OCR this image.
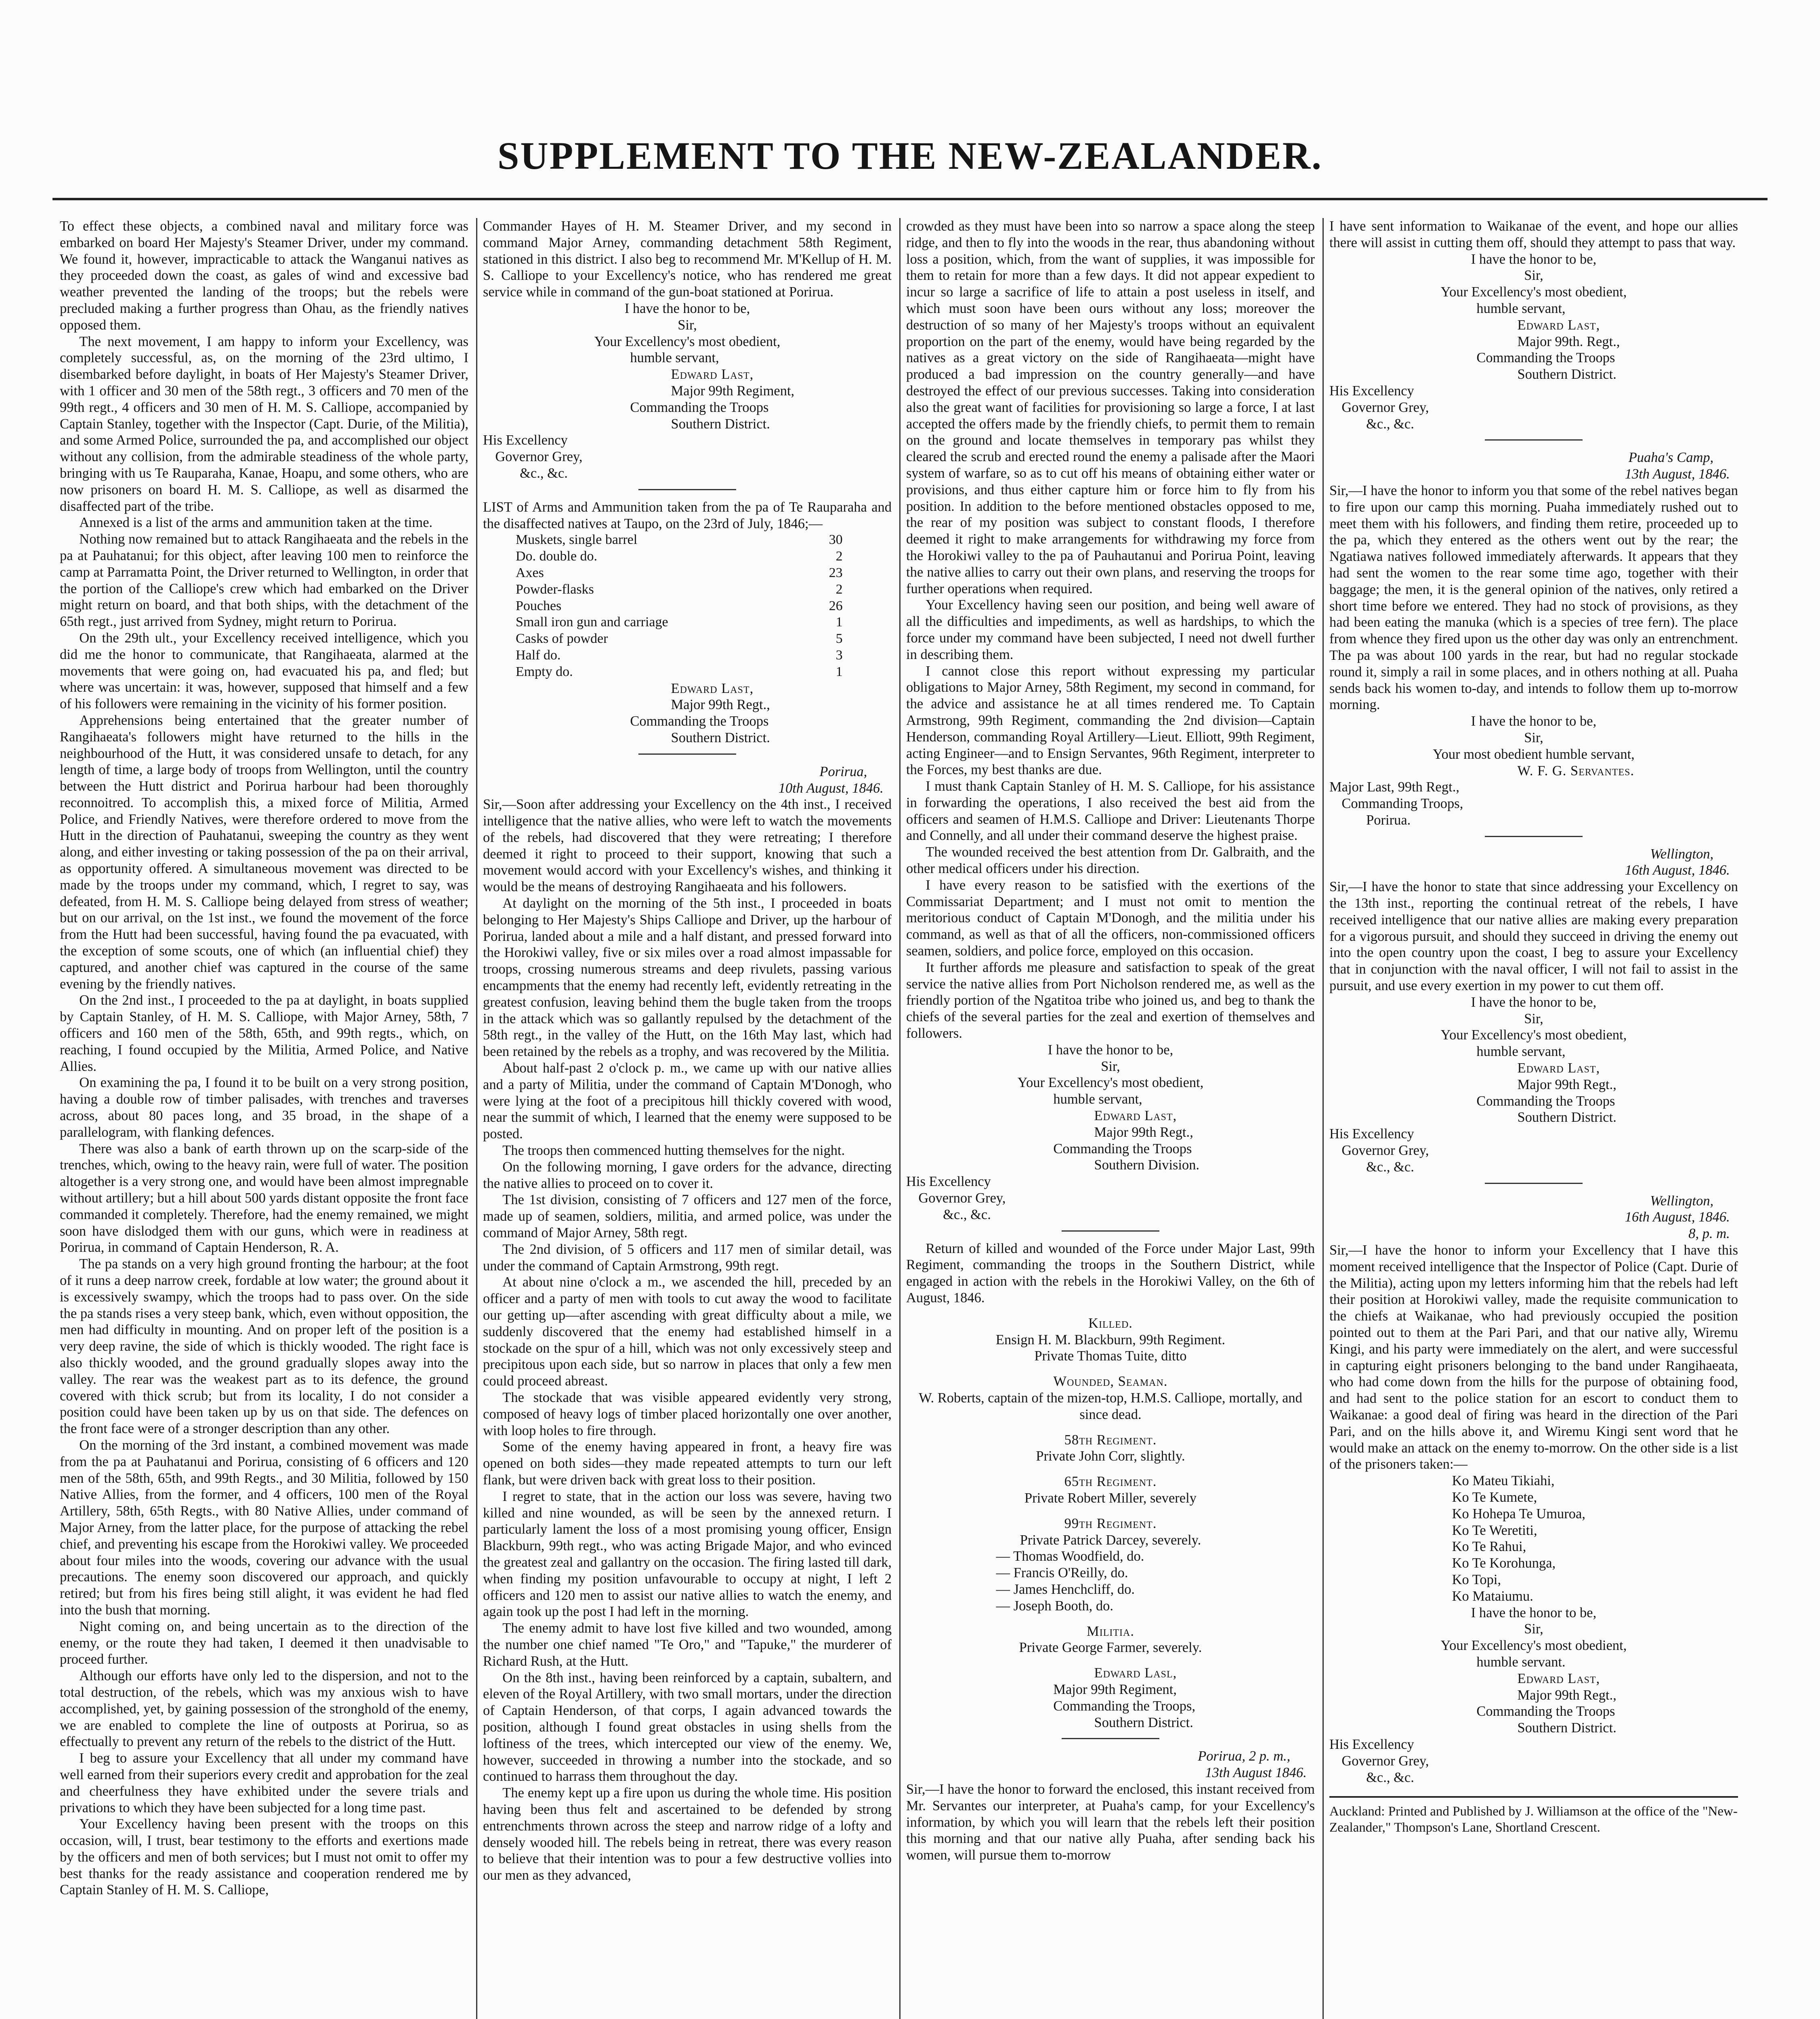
SUPPLEMENT TO THE NEW-ZEALANDER.

To effect these objects, a combined naval and military force was embarked on board Her Majesty's Steamer Driver, under my command. We found it, however, impracticable to attack the Wanganui natives as they proceeded down the coast, as gales of wind and excessive bad weather prevented the landing of the troops; but the rebels were precluded making a further progress than Ohau, as the friendly natives opposed them.

The next movement, I am happy to inform your Excellency, was completely successful, as, on the morning of the 23rd ultimo, I disembarked before daylight, in boats of Her Majesty's Steamer Driver, with 1 officer and 30 men of the 58th regt., 3 officers and 70 men of the 99th regt., 4 officers and 30 men of H. M. S. Calliope, accompanied by Captain Stanley, together with the Inspector (Capt. Durie, of the Militia), and some Armed Police, surrounded the pa, and accomplished our object without any collision, from the admirable steadiness of the whole party, bringing with us Te Rauparaha, Kanae, Hoapu, and some others, who are now prisoners on board H. M. S. Calliope, as well as disarmed the disaffected part of the tribe.

Annexed is a list of the arms and ammunition taken at the time.

Nothing now remained but to attack Rangihaeata and the rebels in the pa at Pauhatanui; for this object, after leaving 100 men to reinforce the camp at Parramatta Point, the Driver returned to Wellington, in order that the portion of the Calliope's crew which had embarked on the Driver might return on board, and that both ships, with the detachment of the 65th regt., just arrived from Sydney, might return to Porirua.

On the 29th ult., your Excellency received intelligence, which you did me the honor to communicate, that Rangihaeata, alarmed at the movements that were going on, had evacuated his pa, and fled; but where was uncertain: it was, however, supposed that himself and a few of his followers were remaining in the vicinity of his former position.

Apprehensions being entertained that the greater number of Rangihaeata's followers might have returned to the hills in the neighbourhood of the Hutt, it was considered unsafe to detach, for any length of time, a large body of troops from Wellington, until the country between the Hutt district and Porirua harbour had been thoroughly reconnoitred. To accomplish this, a mixed force of Militia, Armed Police, and Friendly Natives, were therefore ordered to move from the Hutt in the direction of Pauhatanui, sweeping the country as they went along, and either investing or taking possession of the pa on their arrival, as opportunity offered. A simultaneous movement was directed to be made by the troops under my command, which, I regret to say, was defeated, from H. M. S. Calliope being delayed from stress of weather; but on our arrival, on the 1st inst., we found the movement of the force from the Hutt had been successful, having found the pa evacuated, with the exception of some scouts, one of which (an influential chief) they captured, and another chief was captured in the course of the same evening by the friendly natives.

On the 2nd inst., I proceeded to the pa at daylight, in boats supplied by Captain Stanley, of H. M. S. Calliope, with Major Arney, 58th, 7 officers and 160 men of the 58th, 65th, and 99th regts., which, on reaching, I found occupied by the Militia, Armed Police, and Native Allies.

On examining the pa, I found it to be built on a very strong position, having a double row of timber palisades, with trenches and traverses across, about 80 paces long, and 35 broad, in the shape of a parallelogram, with flanking defences.

There was also a bank of earth thrown up on the scarp-side of the trenches, which, owing to the heavy rain, were full of water. The position altogether is a very strong one, and would have been almost impregnable without artillery; but a hill about 500 yards distant opposite the front face commanded it completely. Therefore, had the enemy remained, we might soon have dislodged them with our guns, which were in readiness at Porirua, in command of Captain Henderson, R. A.

The pa stands on a very high ground fronting the harbour; at the foot of it runs a deep narrow creek, fordable at low water; the ground about it is excessively swampy, which the troops had to pass over. On the side the pa stands rises a very steep bank, which, even without opposition, the men had difficulty in mounting. And on proper left of the position is a very deep ravine, the side of which is thickly wooded. The right face is also thickly wooded, and the ground gradually slopes away into the valley. The rear was the weakest part as to its defence, the ground covered with thick scrub; but from its locality, I do not consider a position could have been taken up by us on that side. The defences on the front face were of a stronger description than any other.

On the morning of the 3rd instant, a combined movement was made from the pa at Pauhatanui and Porirua, consisting of 6 officers and 120 men of the 58th, 65th, and 99th Regts., and 30 Militia, followed by 150 Native Allies, from the former, and 4 officers, 100 men of the Royal Artillery, 58th, 65th Regts., with 80 Native Allies, under command of Major Arney, from the latter place, for the purpose of attacking the rebel chief, and preventing his escape from the Horokiwi valley. We proceeded about four miles into the woods, covering our advance with the usual precautions. The enemy soon discovered our approach, and quickly retired; but from his fires being still alight, it was evident he had fled into the bush that morning.

Night coming on, and being uncertain as to the direction of the enemy, or the route they had taken, I deemed it then unadvisable to proceed further.

Although our efforts have only led to the dispersion, and not to the total destruction, of the rebels, which was my anxious wish to have accomplished, yet, by gaining possession of the stronghold of the enemy, we are enabled to complete the line of outposts at Porirua, so as effectually to prevent any return of the rebels to the district of the Hutt.

I beg to assure your Excellency that all under my command have well earned from their superiors every credit and approbation for the zeal and cheerfulness they have exhibited under the severe trials and privations to which they have been subjected for a long time past.

Your Excellency having been present with the troops on this occasion, will, I trust, bear testimony to the efforts and exertions made by the officers and men of both services; but I must not omit to offer my best thanks for the ready assistance and cooperation rendered me by Captain Stanley of H. M. S. Calliope,

Commander Hayes of H. M. Steamer Driver, and my second in command Major Arney, commanding detachment 58th Regiment, stationed in this district. I also beg to recommend Mr. M'Kellup of H. M. S. Calliope to your Excellency's notice, who has rendered me great service while in command of the gun-boat stationed at Porirua.

I have the honor to be,
Sir,
Your Excellency's most obedient,
humble servant,
Edward Last,
Major 99th Regiment,
Commanding the Troops
Southern District.
His Excellency
Governor Grey,
&c., &c.

LIST of Arms and Ammunition taken from the pa of Te Rauparaha and the disaffected natives at Taupo, on the 23rd of July, 1846;—

Muskets, single barrel	30
Do. double do.	2
Axes	23
Powder-flasks	2
Pouches	26
Small iron gun and carriage	1
Casks of powder	5
Half do.	3
Empty do.	1
Edward Last,
Major 99th Regt.,
Commanding the Troops
Southern District.
Porirua,
10th August, 1846.

Sir,—Soon after addressing your Excellency on the 4th inst., I received intelligence that the native allies, who were left to watch the movements of the rebels, had discovered that they were retreating; I therefore deemed it right to proceed to their support, knowing that such a movement would accord with your Excellency's wishes, and thinking it would be the means of destroying Rangihaeata and his followers.

At daylight on the morning of the 5th inst., I proceeded in boats belonging to Her Majesty's Ships Calliope and Driver, up the harbour of Porirua, landed about a mile and a half distant, and pressed forward into the Horokiwi valley, five or six miles over a road almost impassable for troops, crossing numerous streams and deep rivulets, passing various encampments that the enemy had recently left, evidently retreating in the greatest confusion, leaving behind them the bugle taken from the troops in the attack which was so gallantly repulsed by the detachment of the 58th regt., in the valley of the Hutt, on the 16th May last, which had been retained by the rebels as a trophy, and was recovered by the Militia.

About half-past 2 o'clock p. m., we came up with our native allies and a party of Militia, under the command of Captain M'Donogh, who were lying at the foot of a precipitous hill thickly covered with wood, near the summit of which, I learned that the enemy were supposed to be posted.

The troops then commenced hutting themselves for the night.

On the following morning, I gave orders for the advance, directing the native allies to proceed on to cover it.

The 1st division, consisting of 7 officers and 127 men of the force, made up of seamen, soldiers, militia, and armed police, was under the command of Major Arney, 58th regt.

The 2nd division, of 5 officers and 117 men of similar detail, was under the command of Captain Armstrong, 99th regt.

At about nine o'clock a m., we ascended the hill, preceded by an officer and a party of men with tools to cut away the wood to facilitate our getting up—after ascending with great difficulty about a mile, we suddenly discovered that the enemy had established himself in a stockade on the spur of a hill, which was not only excessively steep and precipitous upon each side, but so narrow in places that only a few men could proceed abreast.

The stockade that was visible appeared evidently very strong, composed of heavy logs of timber placed horizontally one over another, with loop holes to fire through.

Some of the enemy having appeared in front, a heavy fire was opened on both sides—they made repeated attempts to turn our left flank, but were driven back with great loss to their position.

I regret to state, that in the action our loss was severe, having two killed and nine wounded, as will be seen by the annexed return. I particularly lament the loss of a most promising young officer, Ensign Blackburn, 99th regt., who was acting Brigade Major, and who evinced the greatest zeal and gallantry on the occasion. The firing lasted till dark, when finding my position unfavourable to occupy at night, I left 2 officers and 120 men to assist our native allies to watch the enemy, and again took up the post I had left in the morning.

The enemy admit to have lost five killed and two wounded, among the number one chief named "Te Oro," and "Tapuke," the murderer of Richard Rush, at the Hutt.

On the 8th inst., having been reinforced by a captain, subaltern, and eleven of the Royal Artillery, with two small mortars, under the direction of Captain Henderson, of that corps, I again advanced towards the position, although I found great obstacles in using shells from the loftiness of the trees, which intercepted our view of the enemy. We, however, succeeded in throwing a number into the stockade, and so continued to harrass them throughout the day.

The enemy kept up a fire upon us during the whole time. His position having been thus felt and ascertained to be defended by strong entrenchments thrown across the steep and narrow ridge of a lofty and densely wooded hill. The rebels being in retreat, there was every reason to believe that their intention was to pour a few destructive vollies into our men as they advanced,

crowded as they must have been into so narrow a space along the steep ridge, and then to fly into the woods in the rear, thus abandoning without loss a position, which, from the want of supplies, it was impossible for them to retain for more than a few days. It did not appear expedient to incur so large a sacrifice of life to attain a post useless in itself, and which must soon have been ours without any loss; moreover the destruction of so many of her Majesty's troops without an equivalent proportion on the part of the enemy, would have being regarded by the natives as a great victory on the side of Rangihaeata—might have produced a bad impression on the country generally—and have destroyed the effect of our previous successes. Taking into consideration also the great want of facilities for provisioning so large a force, I at last accepted the offers made by the friendly chiefs, to permit them to remain on the ground and locate themselves in temporary pas whilst they cleared the scrub and erected round the enemy a palisade after the Maori system of warfare, so as to cut off his means of obtaining either water or provisions, and thus either capture him or force him to fly from his position. In addition to the before mentioned obstacles opposed to me, the rear of my position was subject to constant floods, I therefore deemed it right to make arrangements for withdrawing my force from the Horokiwi valley to the pa of Pauhautanui and Porirua Point, leaving the native allies to carry out their own plans, and reserving the troops for further operations when required.

Your Excellency having seen our position, and being well aware of all the difficulties and impediments, as well as hardships, to which the force under my command have been subjected, I need not dwell further in describing them.

I cannot close this report without expressing my particular obligations to Major Arney, 58th Regiment, my second in command, for the advice and assistance he at all times rendered me. To Captain Armstrong, 99th Regiment, commanding the 2nd division—Captain Henderson, commanding Royal Artillery—Lieut. Elliott, 99th Regiment, acting Engineer—and to Ensign Servantes, 96th Regiment, interpreter to the Forces, my best thanks are due.

I must thank Captain Stanley of H. M. S. Calliope, for his assistance in forwarding the operations, I also received the best aid from the officers and seamen of H.M.S. Calliope and Driver: Lieutenants Thorpe and Connelly, and all under their command deserve the highest praise.

The wounded received the best attention from Dr. Galbraith, and the other medical officers under his direction.

I have every reason to be satisfied with the exertions of the Commissariat Department; and I must not omit to mention the meritorious conduct of Captain M'Donogh, and the militia under his command, as well as that of all the officers, non-commissioned officers seamen, soldiers, and police force, employed on this occasion.

It further affords me pleasure and satisfaction to speak of the great service the native allies from Port Nicholson rendered me, as well as the friendly portion of the Ngatitoa tribe who joined us, and beg to thank the chiefs of the several parties for the zeal and exertion of themselves and followers.

I have the honor to be,
Sir,
Your Excellency's most obedient,
humble servant,
Edward Last,
Major 99th Regt.,
Commanding the Troops
Southern Division.
His Excellency
Governor Grey,
&c., &c.

Return of killed and wounded of the Force under Major Last, 99th Regiment, commanding the troops in the Southern District, while engaged in action with the rebels in the Horokiwi Valley, on the 6th of August, 1846.

Killed.
Ensign H. M. Blackburn, 99th Regiment.
Private Thomas Tuite, ditto
Wounded, Seaman.
W. Roberts, captain of the mizen-top, H.M.S. Calliope, mortally, and since dead.
58th Regiment.
Private John Corr, slightly.
65th Regiment.
Private Robert Miller, severely
99th Regiment.
Private Patrick Darcey, severely.
— Thomas Woodfield, do.
— Francis O'Reilly, do.
— James Henchcliff, do.
— Joseph Booth, do.
Militia.
Private George Farmer, severely.
Edward Lasl,
Major 99th Regiment,
Commanding the Troops,
Southern District.
Porirua, 2 p. m.,
13th August 1846.

Sir,—I have the honor to forward the enclosed, this instant received from Mr. Servantes our interpreter, at Puaha's camp, for your Excellency's information, by which you will learn that the rebels left their position this morning and that our native ally Puaha, after sending back his women, will pursue them to-morrow

I have sent information to Waikanae of the event, and hope our allies there will assist in cutting them off, should they attempt to pass that way.

I have the honor to be,
Sir,
Your Excellency's most obedient,
humble servant,
Edward Last,
Major 99th. Regt.,
Commanding the Troops
Southern District.
His Excellency
Governor Grey,
&c., &c.
Puaha's Camp,
13th August, 1846.

Sir,—I have the honor to inform you that some of the rebel natives began to fire upon our camp this morning. Puaha immediately rushed out to meet them with his followers, and finding them retire, proceeded up to the pa, which they entered as the others went out by the rear; the Ngatiawa natives followed immediately afterwards. It appears that they had sent the women to the rear some time ago, together with their baggage; the men, it is the general opinion of the natives, only retired a short time before we entered. They had no stock of provisions, as they had been eating the manuka (which is a species of tree fern). The place from whence they fired upon us the other day was only an entrenchment. The pa was about 100 yards in the rear, but had no regular stockade round it, simply a rail in some places, and in others nothing at all. Puaha sends back his women to-day, and intends to follow them up to-morrow morning.

I have the honor to be,
Sir,
Your most obedient humble servant,
W. F. G. Servantes.
Major Last, 99th Regt.,
Commanding Troops,
Porirua.
Wellington,
16th August, 1846.

Sir,—I have the honor to state that since addressing your Excellency on the 13th inst., reporting the continual retreat of the rebels, I have received intelligence that our native allies are making every preparation for a vigorous pursuit, and should they succeed in driving the enemy out into the open country upon the coast, I beg to assure your Excellency that in conjunction with the naval officer, I will not fail to assist in the pursuit, and use every exertion in my power to cut them off.

I have the honor to be,
Sir,
Your Excellency's most obedient,
humble servant,
Edward Last,
Major 99th Regt.,
Commanding the Troops
Southern District.
His Excellency
Governor Grey,
&c., &c.
Wellington,
16th August, 1846.
8, p. m.

Sir,—I have the honor to inform your Excellency that I have this moment received intelligence that the Inspector of Police (Capt. Durie of the Militia), acting upon my letters informing him that the rebels had left their position at Horokiwi valley, made the requisite communication to the chiefs at Waikanae, who had previously occupied the position pointed out to them at the Pari Pari, and that our native ally, Wiremu Kingi, and his party were immediately on the alert, and were successful in capturing eight prisoners belonging to the band under Rangihaeata, who had come down from the hills for the purpose of obtaining food, and had sent to the police station for an escort to conduct them to Waikanae: a good deal of firing was heard in the direction of the Pari Pari, and on the hills above it, and Wiremu Kingi sent word that he would make an attack on the enemy to-morrow. On the other side is a list of the prisoners taken:—

Ko Mateu Tikiahi,
Ko Te Kumete,
Ko Hohepa Te Umuroa,
Ko Te Weretiti,
Ko Te Rahui,
Ko Te Korohunga,
Ko Topi,
Ko Mataiumu.
I have the honor to be,
Sir,
Your Excellency's most obedient,
humble servant.
Edward Last,
Major 99th Regt.,
Commanding the Troops
Southern District.
His Excellency
Governor Grey,
&c., &c.
Auckland: Printed and Published by J. Williamson at the office of the "New-Zealander," Thompson's Lane, Shortland Crescent.
